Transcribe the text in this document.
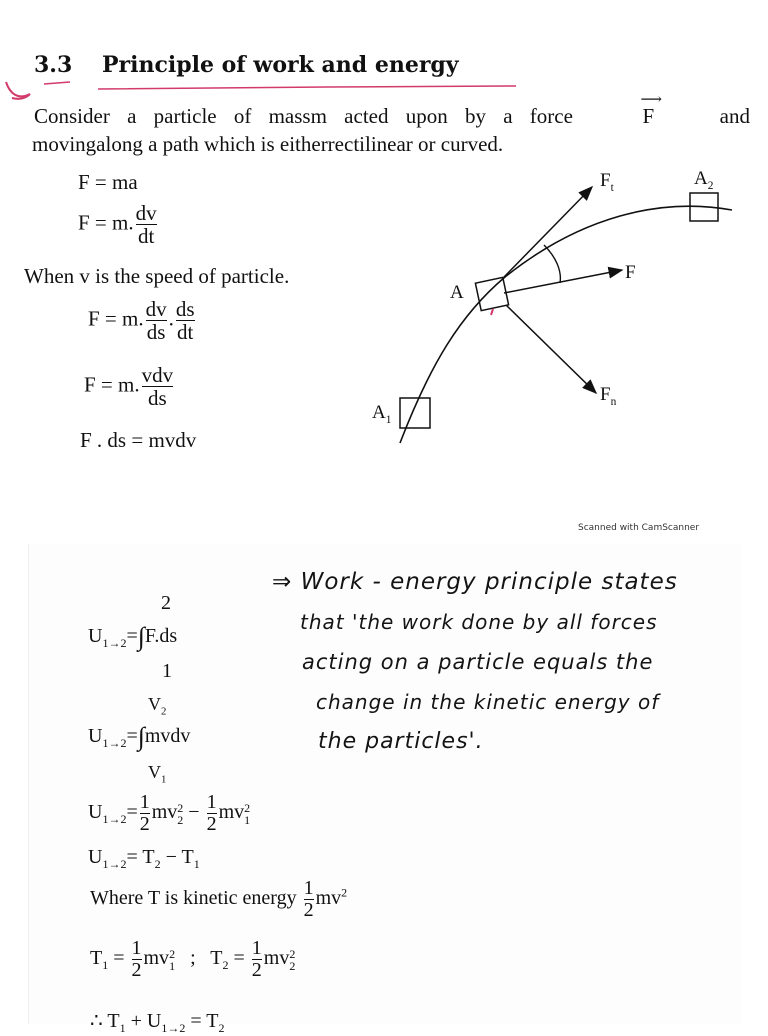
3.3 Principle of work and energy
Consider a particle of massm acted upon by a force
⟶
F	and
movingalong a path which is eitherrectilinear or curved.
F = ma
F = m. $\frac{dv}{dt}$
When v is the speed of particle.
F = m. $\frac{dv}{ds}$ . $\frac{ds}{dt}$
F = m. $\frac{\text{vdv}}{ds}$
F . ds = mvdv
A
$A_1$
$A_2$
$F_t$
F
$F_n$
Scanned with CamScanner
2
$U_{1\to 2}=\int F.ds$
1
$V_2$
$U_{1\to 2}=\int mvdv$
$V_1$
$U_{1\to 2}= \frac{1}{2}$ mv 2
$2 - \frac{1}{2}$ mv 2
1
$U_{1\to 2}= T_2 - T_1$
Where T is kinetic energy $\frac{1}{2} mv^2$
$T_1 = \frac{1}{2}$ mv 2
1 ; $T_2 = \frac{1}{2}$ mv 2
2
∴ $T_1 + U_{1\to 2} = T_2$
⇒ Work - energy principle states
that 'the work done by all forces
acting on a particle equals the
change in the kinetic energy of
the particles'.
